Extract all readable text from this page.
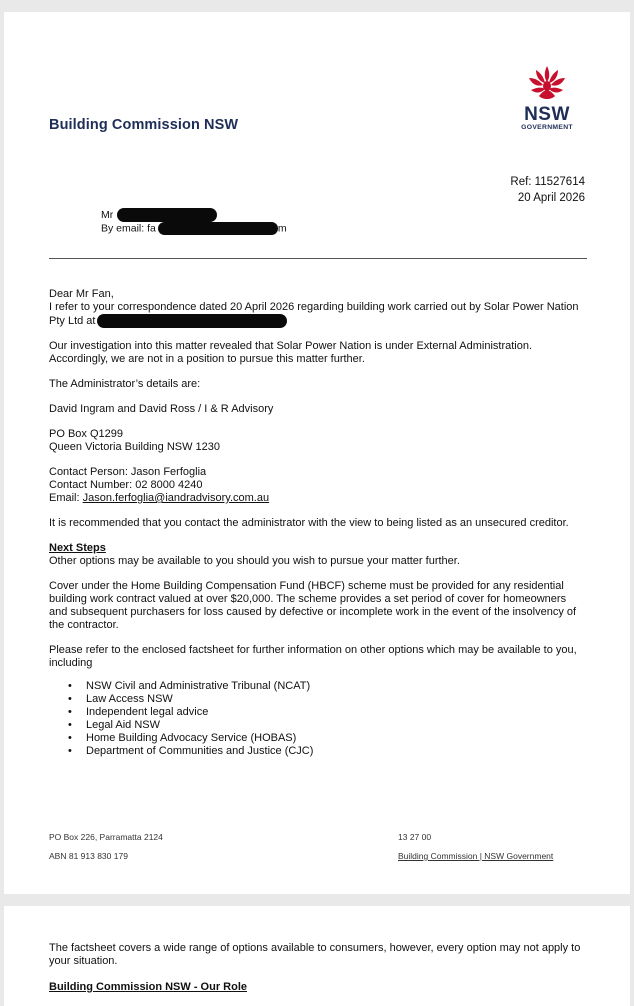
Building Commission NSW	NSW
GOVERNMENT
Ref: 11527614
20 April 2026
Mr
By email: fa	m

Dear Mr Fan,

I refer to your correspondence dated 20 April 2026 regarding building work carried out by Solar Power Nation Pty Ltd at

Our investigation into this matter revealed that Solar Power Nation is under External Administration. Accordingly, we are not in a position to pursue this matter further.

The Administrator’s details are:

David Ingram and David Ross / I & R Advisory

PO Box Q1299
Queen Victoria Building NSW 1230

Contact Person: Jason Ferfoglia
Contact Number: 02 8000 4240
Email: Jason.ferfoglia@iandradvisory.com.au

It is recommended that you contact the administrator with the view to being listed as an unsecured creditor.

Next Steps
Other options may be available to you should you wish to pursue your matter further.

Cover under the Home Building Compensation Fund (HBCF) scheme must be provided for any residential building work contract valued at over $20,000. The scheme provides a set period of cover for homeowners and subsequent purchasers for loss caused by defective or incomplete work in the event of the insolvency of the contractor.

Please refer to the enclosed factsheet for further information on other options which may be available to you, including

• NSW Civil and Administrative Tribunal (NCAT)
• Law Access NSW
• Independent legal advice
• Legal Aid NSW
• Home Building Advocacy Service (HOBAS)
• Department of Communities and Justice (CJC)
PO Box 226, Parramatta 2124
ABN 81 913 830 179
13 27 00
Building Commission | NSW Government
The factsheet covers a wide range of options available to consumers, however, every option may not apply to your situation.
Building Commission NSW - Our Role
